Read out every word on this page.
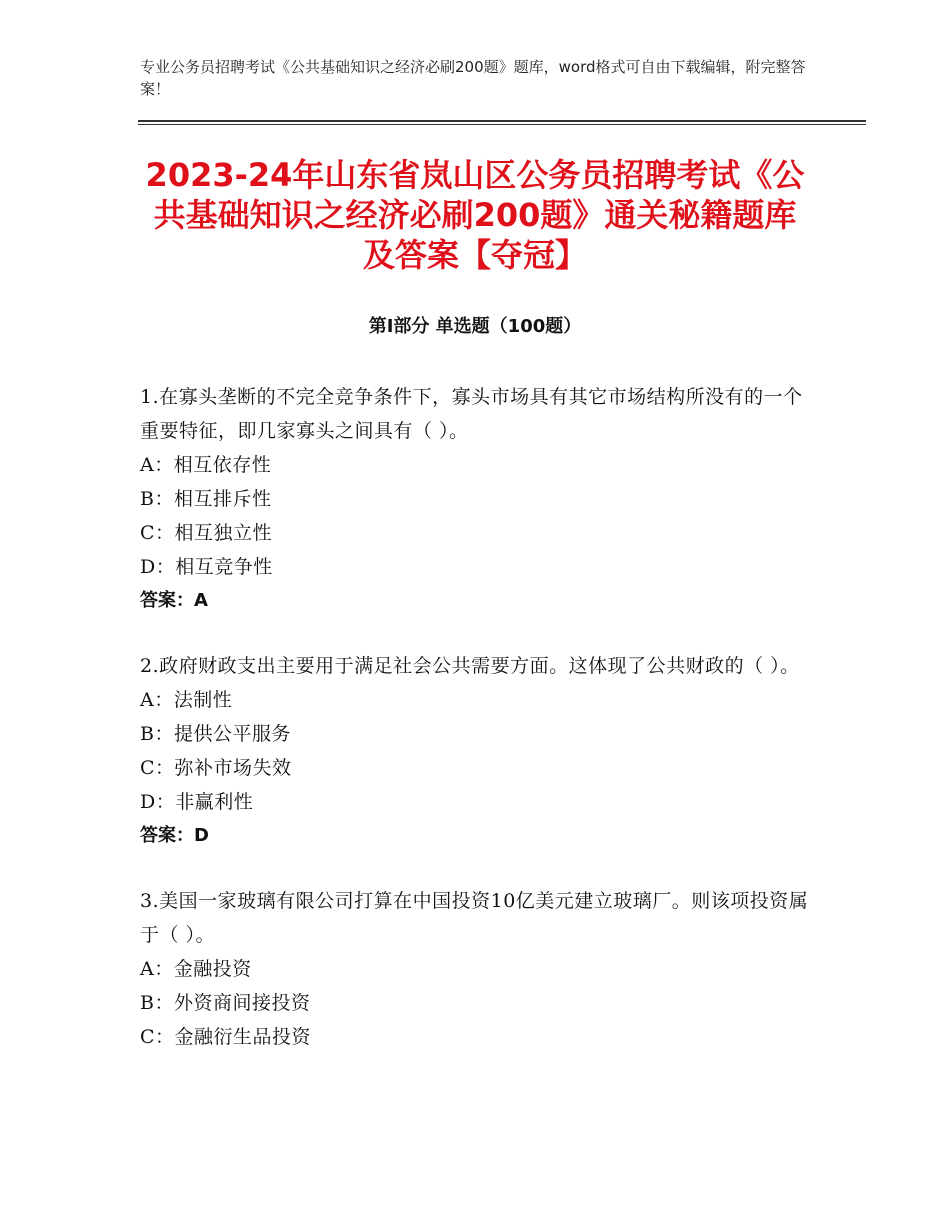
专业公务员招聘考试《公共基础知识之经济必刷200题》题库，word格式可自由下载编辑，附完整答案！
2023-24年山东省岚山区公务员招聘考试《公共基础知识之经济必刷200题》通关秘籍题库及答案【夺冠】
第Ⅰ部分 单选题（100题）
1.在寡头垄断的不完全竞争条件下，寡头市场具有其它市场结构所没有的一个重要特征，即几家寡头之间具有（ ）。
A：相互依存性
B：相互排斥性
C：相互独立性
D：相互竞争性
答案：A
2.政府财政支出主要用于满足社会公共需要方面。这体现了公共财政的（ ）。
A：法制性
B：提供公平服务
C：弥补市场失效
D：非赢利性
答案：D
3.美国一家玻璃有限公司打算在中国投资10亿美元建立玻璃厂。则该项投资属于（ ）。
A：金融投资
B：外资商间接投资
C：金融衍生品投资
